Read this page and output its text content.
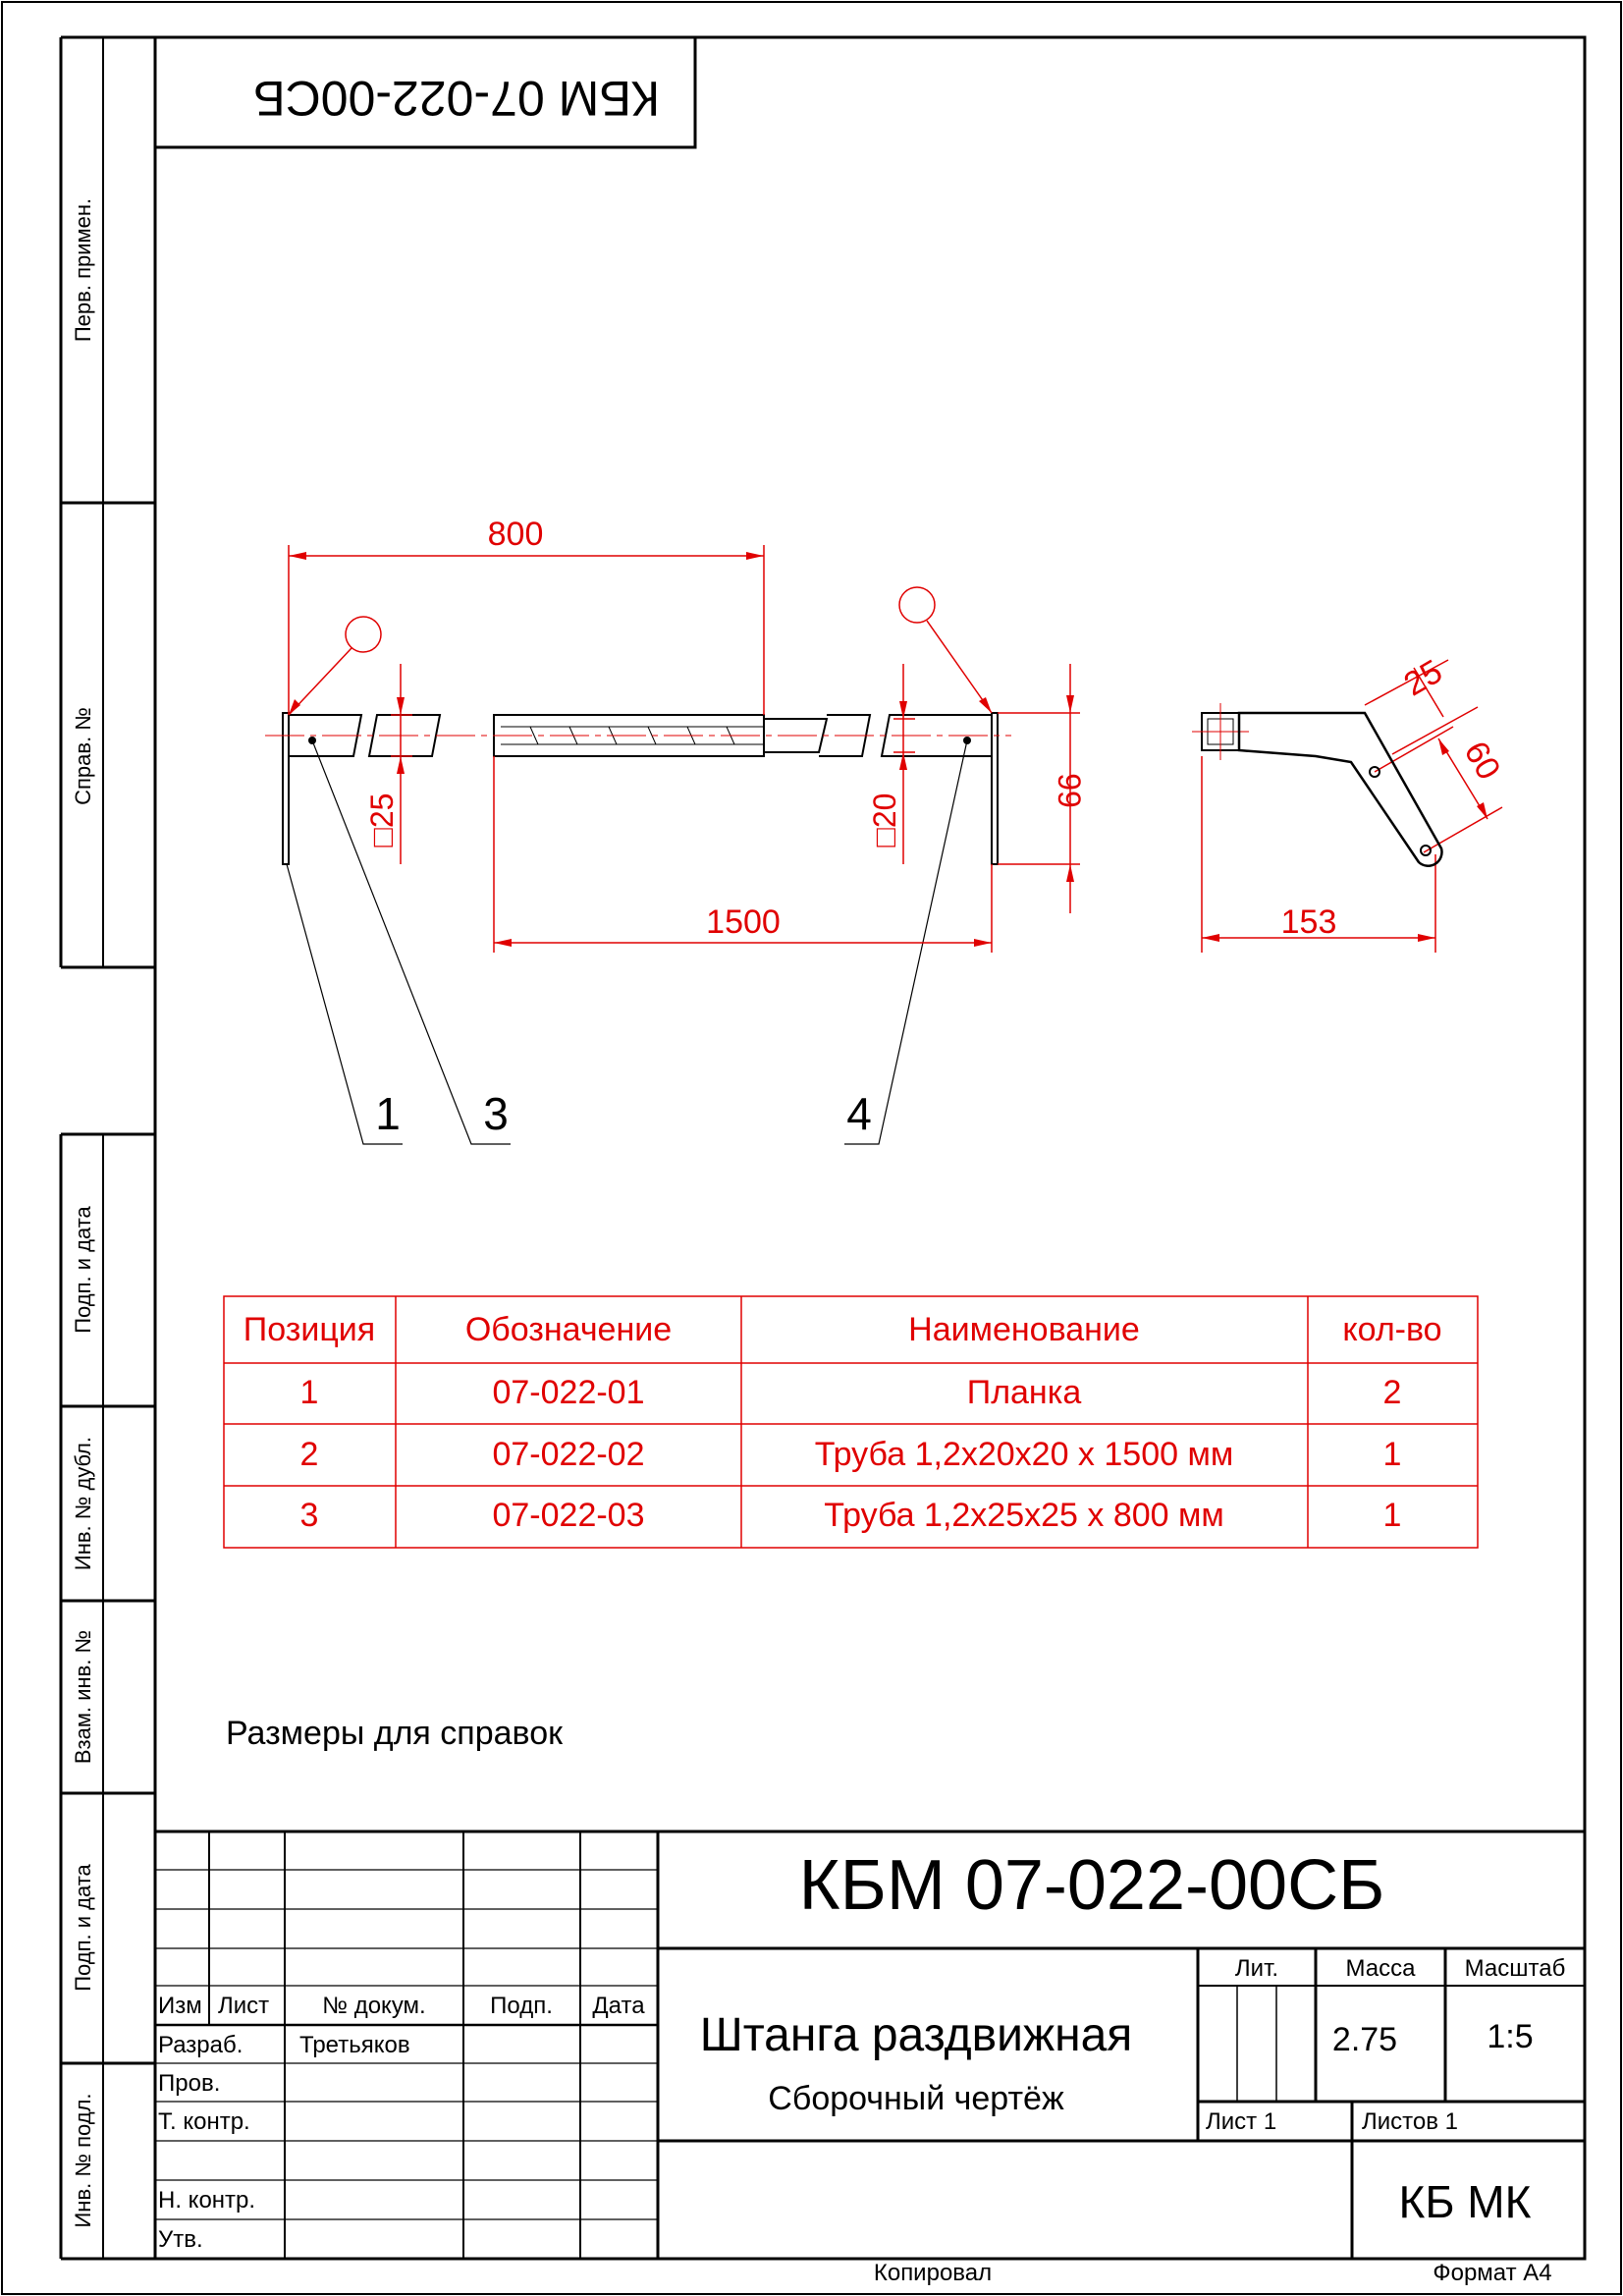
Перв. примен.
Справ. №
Подп. и дата
Инв. № дубл.
Взам. инв. №
Подп. и дата
Инв. № подл.
КБМ 07-022-00СБ
1 3	4
800
1500
□25	□20
99
153
25
60
Позиция	Обозначение	Наименование	кол-во
1	07-022-01	Планка	2
2	07-022-02	Труба 1,2х20х20 х 1500 мм	1
3	07-022-03	Труба 1,2х25х25 х 800 мм	1
Размеры для справок
Изм Лист № докум.	Подп. Дата
Разраб. Третьяков
Пров.
Т. контр.
Н. контр.
Утв.
КБМ 07-022-00СБ
Штанга раздвижная
Сборочный чертёж
Лит.	Масса Масштаб
2.75	1:5
Лист 1	Листов 1
КБ МК
Копировал	Формат А4
